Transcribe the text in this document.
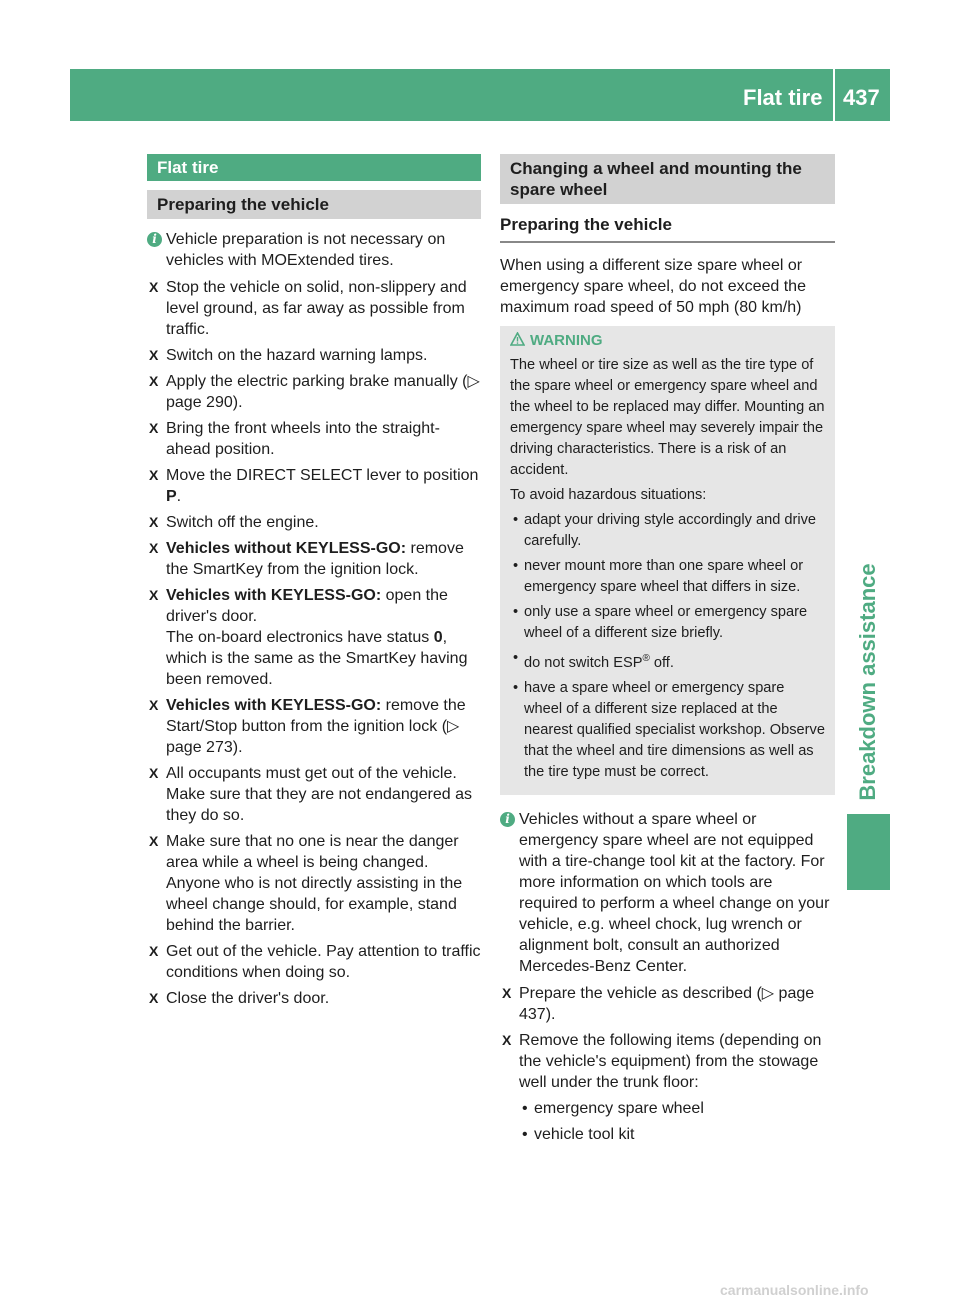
Flat tire 437
Breakdown assistance
Flat tire
Preparing the vehicle
i Vehicle preparation is not necessary on vehicles with MOExtended tires.
X Stop the vehicle on solid, non-slippery and level ground, as far away as possible from traffic.
X Switch on the hazard warning lamps.
X Apply the electric parking brake manually (▷ page 290).
X Bring the front wheels into the straight-ahead position.
X Move the DIRECT SELECT lever to position
P.
X Switch off the engine.
X Vehicles without KEYLESS-GO: remove the SmartKey from the ignition lock.
X Vehicles with KEYLESS-GO: open the driver's door.
The on-board electronics have status 0, which is the same as the SmartKey having been removed.
X Vehicles with KEYLESS-GO: remove the Start/Stop button from the ignition lock (▷ page 273).
X All occupants must get out of the vehicle. Make sure that they are not endangered as they do so.
X Make sure that no one is near the danger area while a wheel is being changed. Anyone who is not directly assisting in the wheel change should, for example, stand behind the barrier.
X Get out of the vehicle. Pay attention to traffic conditions when doing so.
X Close the driver's door.
Changing a wheel and mounting the spare wheel
Preparing the vehicle
When using a different size spare wheel or emergency spare wheel, do not exceed the maximum road speed of 50 mph (80 km/h)
WARNING
The wheel or tire size as well as the tire type of the spare wheel or emergency spare wheel and the wheel to be replaced may differ. Mounting an emergency spare wheel may severely impair the driving characteristics. There is a risk of an accident.
To avoid hazardous situations:
• adapt your driving style accordingly and drive carefully.
• never mount more than one spare wheel or emergency spare wheel that differs in size.
• only use a spare wheel or emergency spare wheel of a different size briefly.
• do not switch ESP® off.
• have a spare wheel or emergency spare wheel of a different size replaced at the nearest qualified specialist workshop. Observe that the wheel and tire dimensions as well as the tire type must be correct.
i Vehicles without a spare wheel or emergency spare wheel are not equipped with a tire-change tool kit at the factory. For more information on which tools are required to perform a wheel change on your vehicle, e.g. wheel chock, lug wrench or alignment bolt, consult an authorized Mercedes-Benz Center.
X Prepare the vehicle as described (▷ page 437).
X Remove the following items (depending on the vehicle's equipment) from the stowage well under the trunk floor:
• emergency spare wheel
• vehicle tool kit
carmanualsonline.info
